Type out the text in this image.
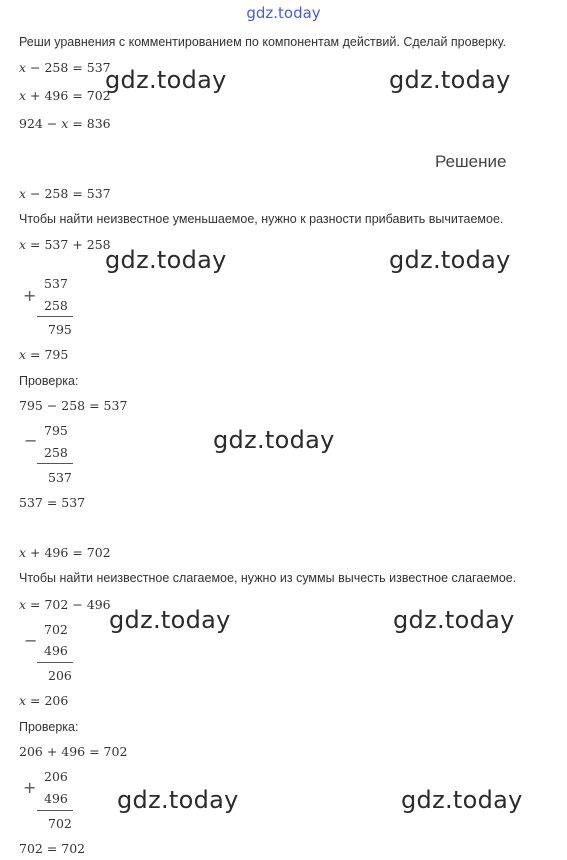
gdz.today
Реши уравнения с комментированием по компонентам действий. Сделай проверку.
x − 258 = 537
x + 496 = 702
924 − x = 836
Решение
x − 258 = 537
Чтобы найти неизвестное уменьшаемое, нужно к разности прибавить вычитаемое.
x = 537 + 258
+
537
258
795
x = 795
Проверка:
795 − 258 = 537
−
795
258
537
537 = 537
x + 496 = 702
Чтобы найти неизвестное слагаемое, нужно из суммы вычесть известное слагаемое.
x = 702 − 496
−
702
496
206
x = 206
Проверка:
206 + 496 = 702
+
206
496
702
702 = 702
gdz.today	gdz.today
gdz.today	gdz.today
gdz.today
gdz.today	gdz.today
gdz.today	gdz.today
